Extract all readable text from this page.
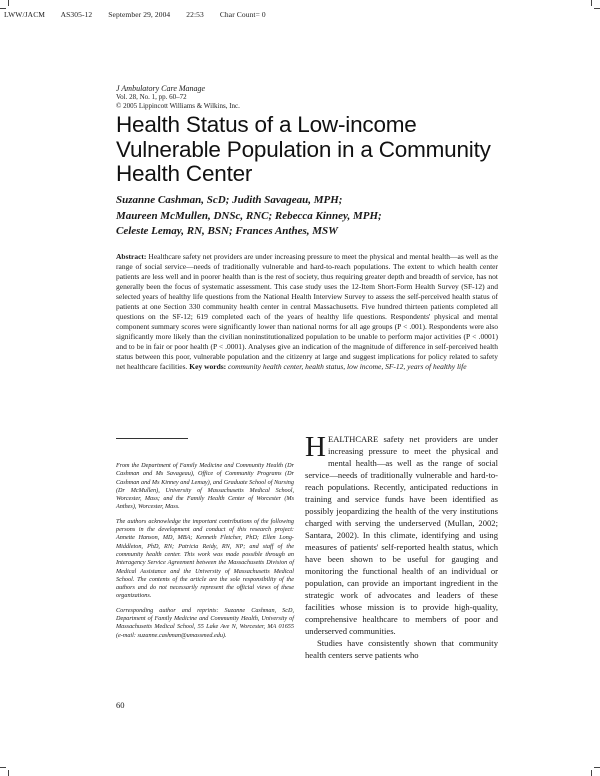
LWW/JACM AS305-12 September 29, 2004 22:53 Char Count= 0
J Ambulatory Care Manage
Vol. 28, No. 1, pp. 60–72
© 2005 Lippincott Williams & Wilkins, Inc.
Health Status of a Low-income Vulnerable Population in a Community Health Center
Suzanne Cashman, ScD; Judith Savageau, MPH;
Maureen McMullen, DNSc, RNC; Rebecca Kinney, MPH;
Celeste Lemay, RN, BSN; Frances Anthes, MSW
Abstract: Healthcare safety net providers are under increasing pressure to meet the physical and mental health—as well as the range of social service—needs of traditionally vulnerable and hard-to-reach populations. The extent to which health center patients are less well and in poorer health than is the rest of society, thus requiring greater depth and breadth of service, has not generally been the focus of systematic assessment. This case study uses the 12-Item Short-Form Health Survey (SF-12) and selected years of healthy life questions from the National Health Interview Survey to assess the self-perceived health status of patients at one Section 330 community health center in central Massachusetts. Five hundred thirteen patients completed all questions on the SF-12; 619 completed each of the years of healthy life questions. Respondents' physical and mental component summary scores were significantly lower than national norms for all age groups (P < .001). Respondents were also significantly more likely than the civilian noninstitutionalized population to be unable to perform major activities (P < .0001) and to be in fair or poor health (P < .0001). Analyses give an indication of the magnitude of difference in self-perceived health status between this poor, vulnerable population and the citizenry at large and suggest implications for policy related to safety net healthcare facilities. Key words: community health center, health status, low income, SF-12, years of healthy life

From the Department of Family Medicine and Community Health (Dr Cashman and Ms Savageau), Office of Community Programs (Dr Cashman and Ms Kinney and Lemay), and Graduate School of Nursing (Dr McMullen), University of Massachusetts Medical School, Worcester, Mass; and the Family Health Center of Worcester (Ms Anthes), Worcester, Mass.

The authors acknowledge the important contributions of the following persons in the development and conduct of this research project: Annette Hanson, MD, MBA; Kenneth Fletcher, PhD; Ellen Long-Middleton, PhD, RN; Patricia Reidy, RN, NP; and staff of the community health center. This work was made possible through an Interagency Service Agreement between the Massachusetts Division of Medical Assistance and the University of Massachusetts Medical School. The contents of the article are the sole responsibility of the authors and do not necessarily represent the official views of these organizations.

Corresponding author and reprints: Suzanne Cashman, ScD, Department of Family Medicine and Community Health, University of Massachusetts Medical School, 55 Lake Ave N, Worcester, MA 01655 (e-mail: suzanne.cashman@umassmed.edu).

HEALTHCARE safety net providers are under increasing pressure to meet the physical and mental health—as well as the range of social service—needs of traditionally vulnerable and hard-to-reach populations. Recently, anticipated reductions in training and service funds have been identified as possibly jeopardizing the health of the very institutions charged with serving the underserved (Mullan, 2002; Santara, 2002). In this climate, identifying and using measures of patients' self-reported health status, which have been shown to be useful for gauging and monitoring the functional health of an individual or population, can provide an important ingredient in the strategic work of advocates and leaders of these facilities whose mission is to provide high-quality, comprehensive healthcare to members of poor and underserved communities.

Studies have consistently shown that community health centers serve patients who

60
